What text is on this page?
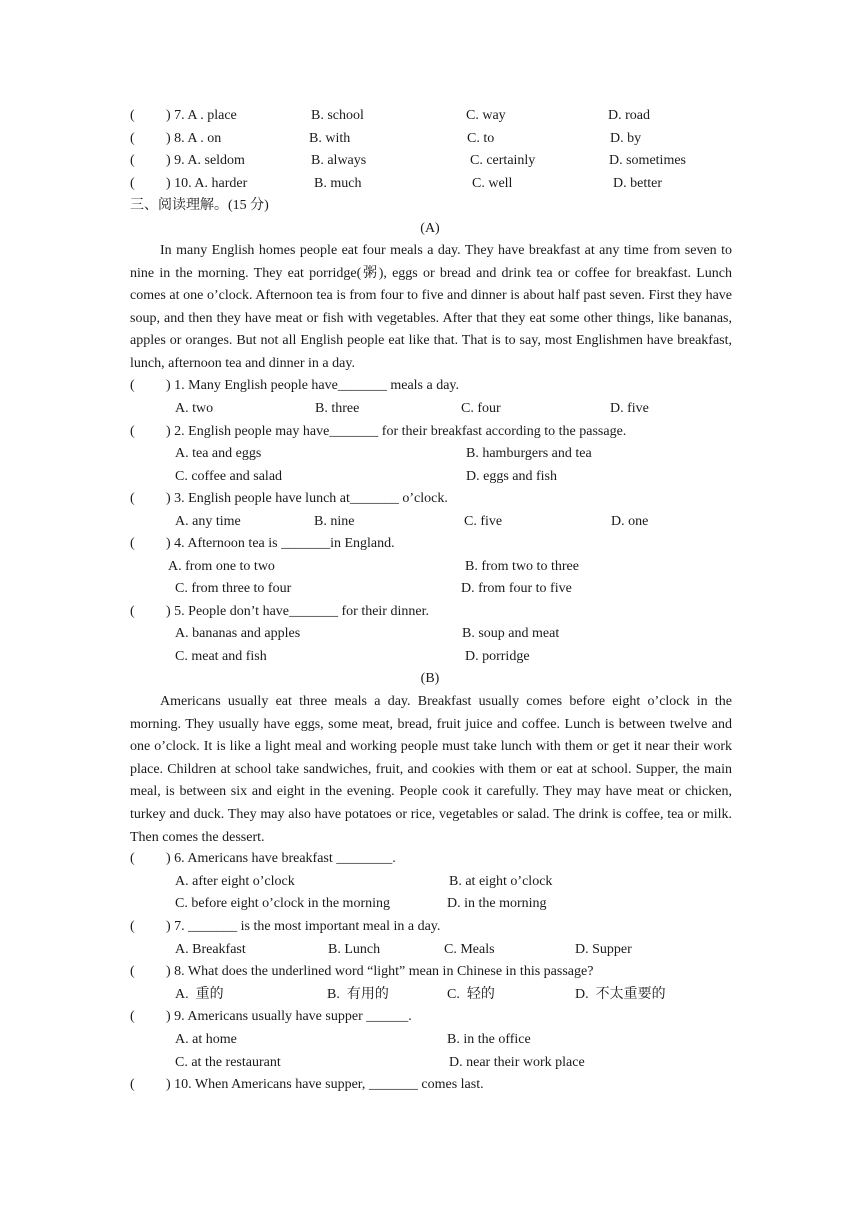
( ) 7. A . place	B. school	C. way	D. road
( ) 8. A . on	B. with	C. to	D. by
( ) 9. A. seldom	B. always	C. certainly	D. sometimes
( ) 10. A. harder	B. much	C. well	D. better
三、阅读理解。(15 分)
(A)
In many English homes people eat four meals a day. They have breakfast at any time from seven to nine in the morning. They eat porridge(粥), eggs or bread and drink tea or coffee for breakfast. Lunch comes at one o’clock. Afternoon tea is from four to five and dinner is about half past seven. First they have soup, and then they have meat or fish with vegetables. After that they eat some other things, like bananas, apples or oranges. But not all English people eat like that. That is to say, most Englishmen have breakfast, lunch, afternoon tea and dinner in a day.
( ) 1. Many English people have_______ meals a day.
A. two	B. three	C. four	D. five
( ) 2. English people may have_______ for their breakfast according to the passage.
A. tea and eggs	B. hamburgers and tea
C. coffee and salad	D. eggs and fish
( ) 3. English people have lunch at_______ o’clock.
A. any time	B. nine	C. five	D. one
( ) 4. Afternoon tea is _______in England.
A. from one to two	B. from two to three
C. from three to four	D. from four to five
( ) 5. People don’t have_______ for their dinner.
A. bananas and apples	B. soup and meat
C. meat and fish	D. porridge
(B)
Americans usually eat three meals a day. Breakfast usually comes before eight o’clock in the morning. They usually have eggs, some meat, bread, fruit juice and coffee. Lunch is between twelve and one o’clock. It is like a light meal and working people must take lunch with them or get it near their work place. Children at school take sandwiches, fruit, and cookies with them or eat at school. Supper, the main meal, is between six and eight in the evening. People cook it carefully. They may have meat or chicken, turkey and duck. They may also have potatoes or rice, vegetables or salad. The drink is coffee, tea or milk. Then comes the dessert.
( ) 6. Americans have breakfast ________.
A. after eight o’clock	B. at eight o’clock
C. before eight o’clock in the morning	D. in the morning
( ) 7. _______ is the most important meal in a day.
A. Breakfast	B. Lunch	C. Meals	D. Supper
( ) 8. What does the underlined word “light” mean in Chinese in this passage?
A.  重的	B.  有用的	C.  轻的	D.  不太重要的
( ) 9. Americans usually have supper ______.
A. at home	B. in the office
C. at the restaurant	D. near their work place
( ) 10. When Americans have supper, _______ comes last.
